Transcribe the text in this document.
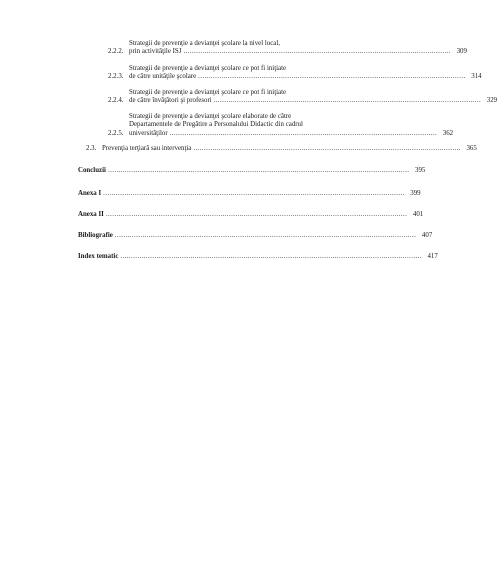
2.2.2.
Strategii de prevenţie a devianţei şcolare la nivel local,
prin activităţile ISJ .............................................................................................................................. 309
2.2.3.
Strategii de prevenţie a devianţei şcolare ce pot fi iniţiate
de către unităţile şcolare .............................................................................................................................. 314
2.2.4.
Strategii de prevenţie a devianţei şcolare ce pot fi iniţiate
de către învăţători şi profesori .............................................................................................................................. 329
2.2.5.
Strategii de prevenţie a devianţei şcolare elaborate de către
Departamentele de Pregătire a Personalului Didactic din cadrul
universităţilor .............................................................................................................................. 362
2.3. Prevenţia terţiară sau intervenţia .............................................................................................................................. 365
Concluzii .............................................................................................................................................. 395
Anexa I .............................................................................................................................................. 399
Anexa II .............................................................................................................................................. 401
Bibliografie .............................................................................................................................................. 407
Index tematic .............................................................................................................................................. 417
